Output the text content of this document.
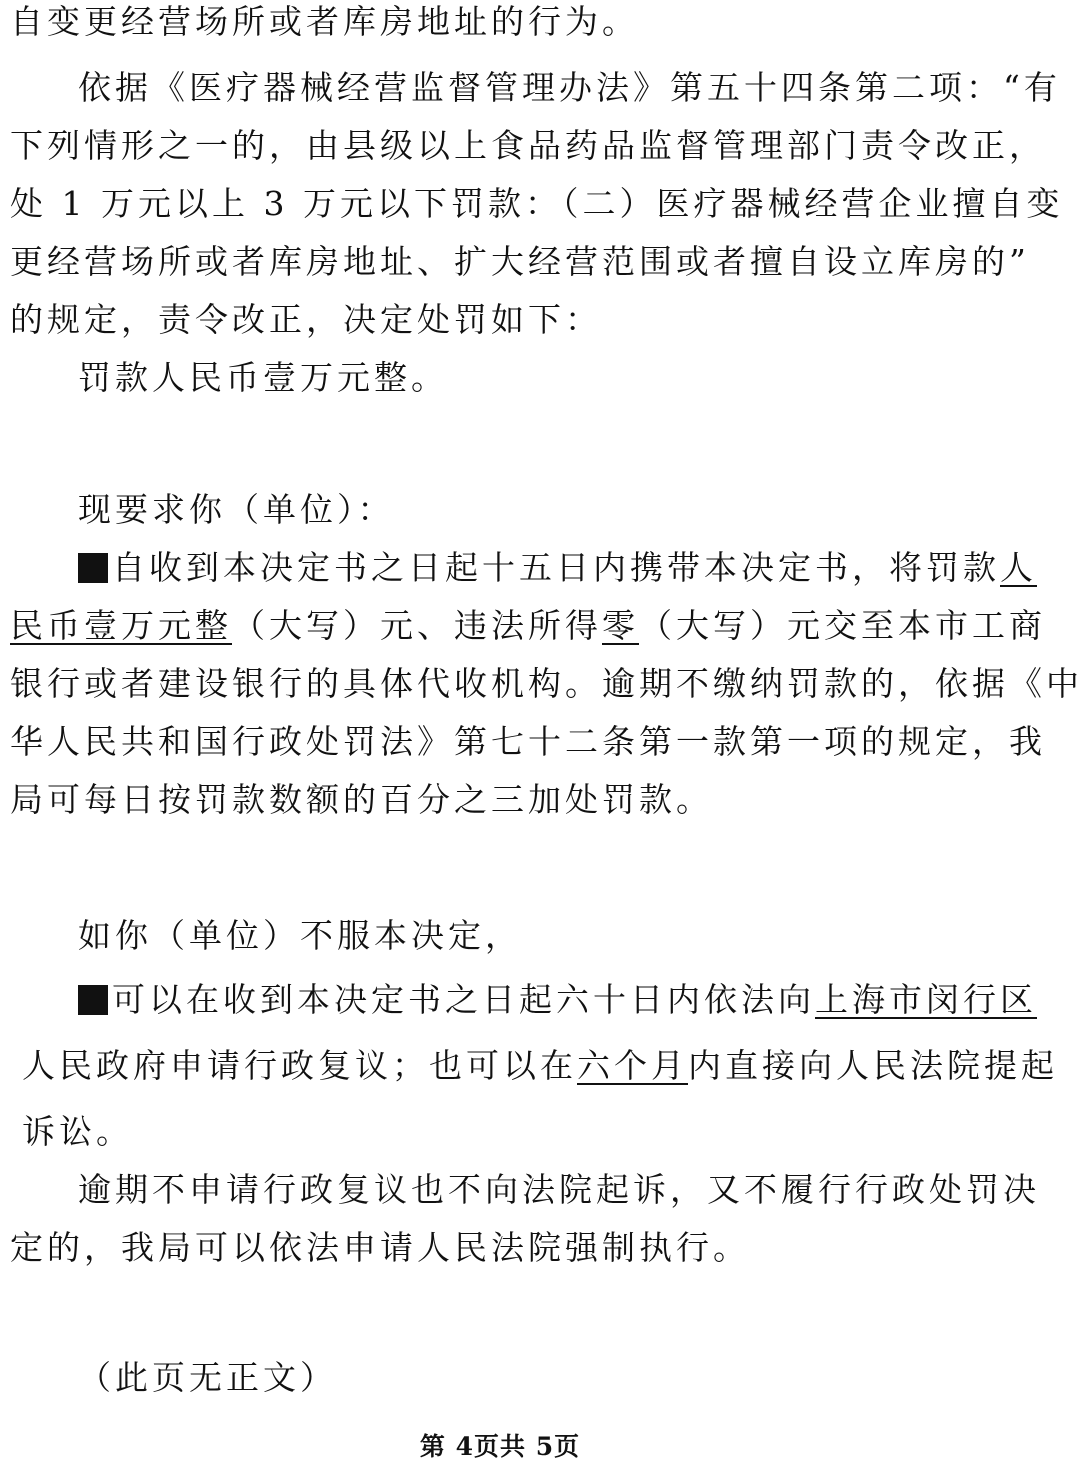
自变更经营场所或者库房地址的行为。
依据《医疗器械经营监督管理办法》第五十四条第二项：“有
下列情形之一的，由县级以上食品药品监督管理部门责令改正，
处 1 万元以上 3 万元以下罚款：（二）医疗器械经营企业擅自变
更经营场所或者库房地址、扩大经营范围或者擅自设立库房的”
的规定，责令改正，决定处罚如下：
罚款人民币壹万元整。
现要求你（单位）：
自收到本决定书之日起十五日内携带本决定书，将罚款人
民币壹万元整（大写）元、违法所得零（大写）元交至本市工商
银行或者建设银行的具体代收机构。逾期不缴纳罚款的，依据《中
华人民共和国行政处罚法》第七十二条第一款第一项的规定，我
局可每日按罚款数额的百分之三加处罚款。
如你（单位）不服本决定，
可以在收到本决定书之日起六十日内依法向上海市闵行区
人民政府申请行政复议；也可以在六个月内直接向人民法院提起
诉讼。
逾期不申请行政复议也不向法院起诉，又不履行行政处罚决
定的，我局可以依法申请人民法院强制执行。
（此页无正文）
第 4页共 5页
